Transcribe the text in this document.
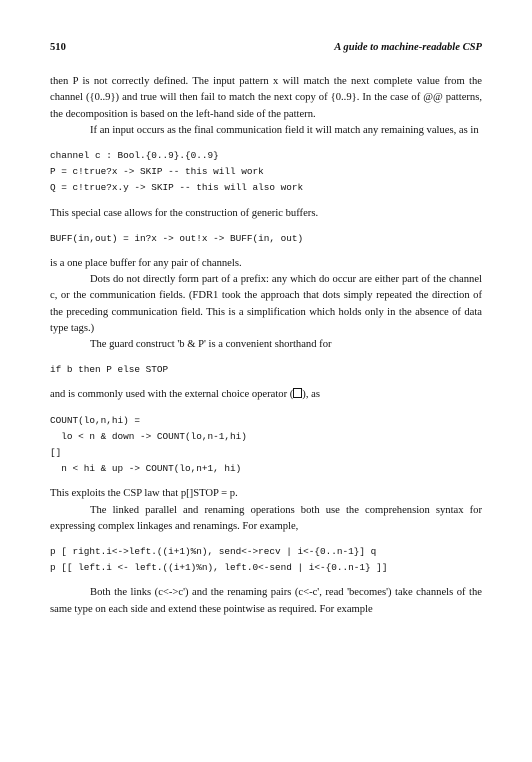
510	A guide to machine-readable CSP

then P is not correctly defined. The input pattern x will match the next complete value from the channel ({0..9}) and true will then fail to match the next copy of {0..9}. In the case of @@ patterns, the decomposition is based on the left-hand side of the pattern.

If an input occurs as the final communication field it will match any remaining values, as in

channel c : Bool.{0..9}.{0..9}
P = c!true?x -> SKIP -- this will work
Q = c!true?x.y -> SKIP -- this will also work

This special case allows for the construction of generic buffers.

BUFF(in,out) = in?x -> out!x -> BUFF(in, out)

is a one place buffer for any pair of channels.

Dots do not directly form part of a prefix: any which do occur are either part of the channel c, or the communication fields. (FDR1 took the approach that dots simply repeated the direction of the preceding communication field. This is a simplification which holds only in the absence of data type tags.)

The guard construct 'b & P' is a convenient shorthand for

if b then P else STOP

and is commonly used with the external choice operator ( ), as

COUNT(lo,n,hi) =
lo < n & down -> COUNT(lo,n-1,hi)
[]
n < hi & up -> COUNT(lo,n+1, hi)

This exploits the CSP law that p[]STOP = p.

The linked parallel and renaming operations both use the comprehension syntax for expressing complex linkages and renamings. For example,

p [ right.i<->left.((i+1)%n), send<->recv | i<-{0..n-1}] q
p [[ left.i <- left.((i+1)%n), left.0<-send | i<-{0..n-1} ]]

Both the links (c<->c') and the renaming pairs (c<-c', read 'becomes') take channels of the same type on each side and extend these pointwise as required. For example
